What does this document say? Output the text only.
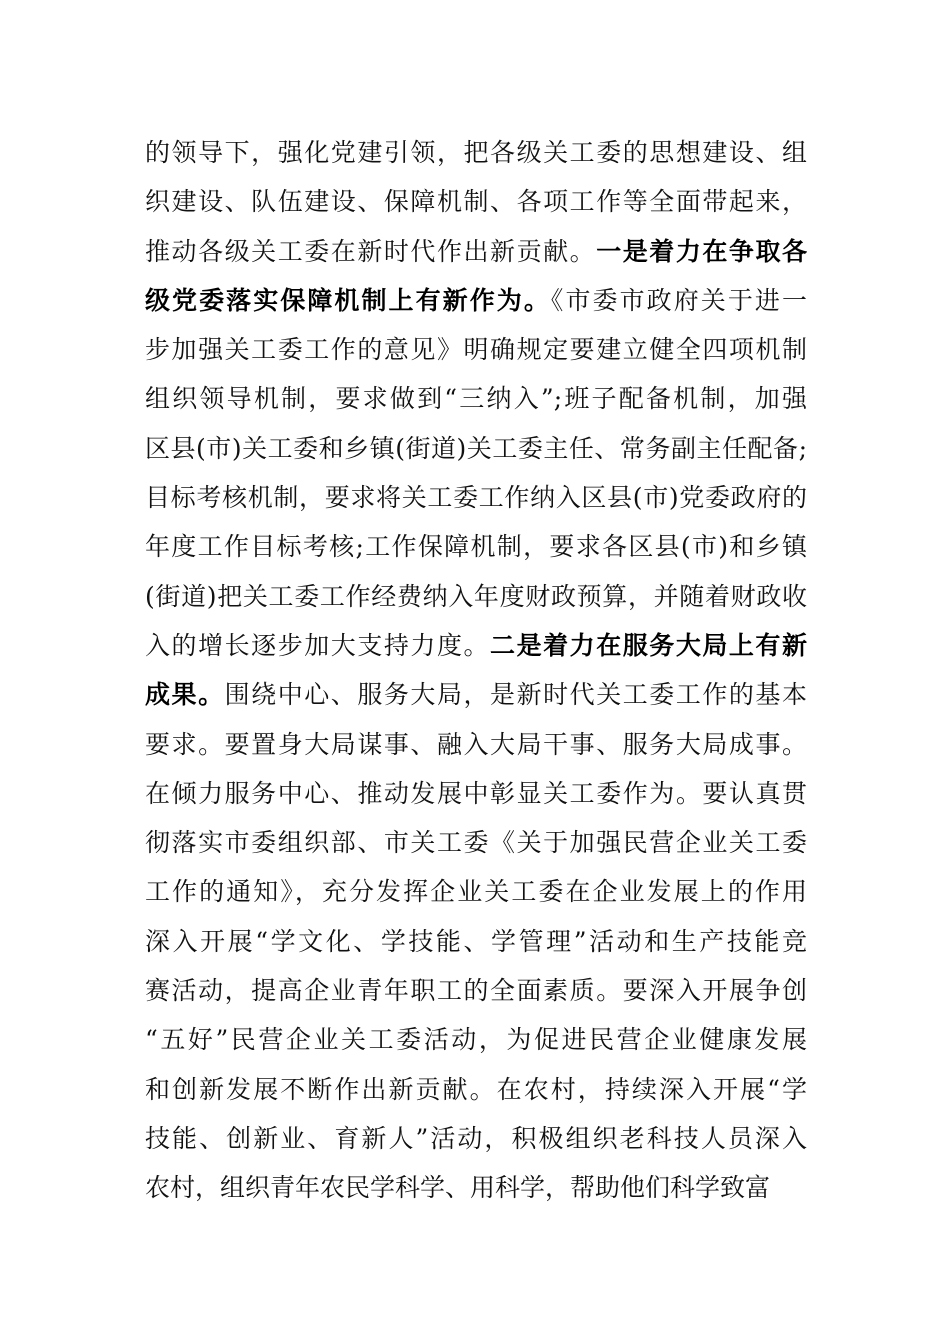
的领导下，强化党建引领，把各级关工委的思想建设、组
织建设、队伍建设、保障机制、各项工作等全面带起来，
推动各级关工委在新时代作出新贡献。一是着力在争取各
级党委落实保障机制上有新作为。《市委市政府关于进一
步加强关工委工作的意见》明确规定要建立健全四项机制
组织领导机制，要求做到“三纳入”;班子配备机制，加强
区县(市)关工委和乡镇(街道)关工委主任、常务副主任配备;
目标考核机制，要求将关工委工作纳入区县(市)党委政府的
年度工作目标考核;工作保障机制，要求各区县(市)和乡镇
(街道)把关工委工作经费纳入年度财政预算，并随着财政收
入的增长逐步加大支持力度。二是着力在服务大局上有新
成果。围绕中心、服务大局，是新时代关工委工作的基本
要求。要置身大局谋事、融入大局干事、服务大局成事。
在倾力服务中心、推动发展中彰显关工委作为。要认真贯
彻落实市委组织部、市关工委《关于加强民营企业关工委
工作的通知》，充分发挥企业关工委在企业发展上的作用
深入开展“学文化、学技能、学管理”活动和生产技能竞
赛活动，提高企业青年职工的全面素质。要深入开展争创
“五好”民营企业关工委活动，为促进民营企业健康发展
和创新发展不断作出新贡献。在农村，持续深入开展“学
技能、创新业、育新人”活动，积极组织老科技人员深入
农村，组织青年农民学科学、用科学，帮助他们科学致富
